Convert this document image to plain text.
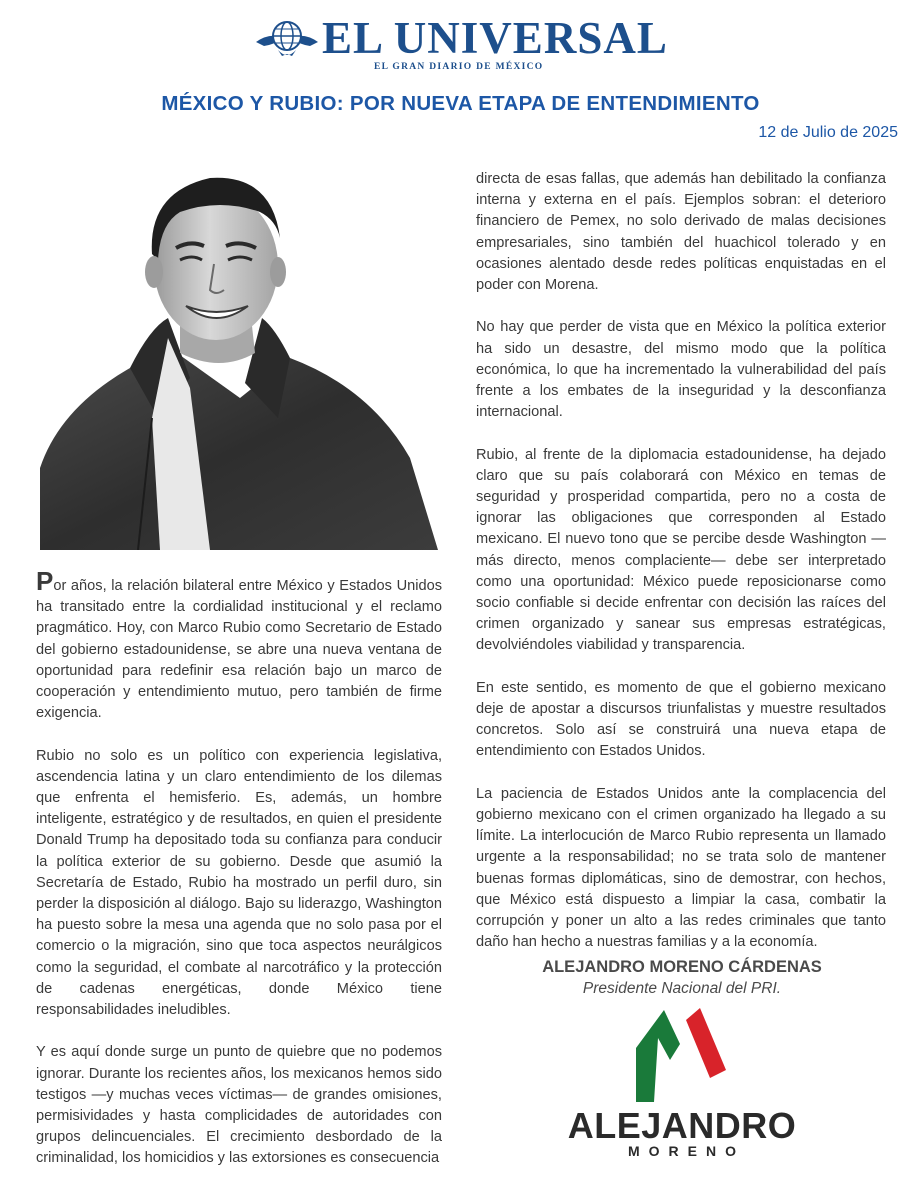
EL UNIVERSAL
EL GRAN DIARIO DE MÉXICO
MÉXICO Y RUBIO: POR NUEVA ETAPA DE ENTENDIMIENTO
12 de Julio de 2025

Por años, la relación bilateral entre México y Estados Unidos ha transitado entre la cordialidad institucional y el reclamo pragmático. Hoy, con Marco Rubio como Secretario de Estado del gobierno estadounidense, se abre una nueva ventana de oportunidad para redefinir esa relación bajo un marco de cooperación y entendimiento mutuo, pero también de firme exigencia.

Rubio no solo es un político con experiencia legislativa, ascendencia latina y un claro entendimiento de los dilemas que enfrenta el hemisferio. Es, además, un hombre inteligente, estratégico y de resultados, en quien el presidente Donald Trump ha depositado toda su confianza para conducir la política exterior de su gobierno. Desde que asumió la Secretaría de Estado, Rubio ha mostrado un perfil duro, sin perder la disposición al diálogo. Bajo su liderazgo, Washington ha puesto sobre la mesa una agenda que no solo pasa por el comercio o la migración, sino que toca aspectos neurálgicos como la seguridad, el combate al narcotráfico y la protección de cadenas energéticas, donde México tiene responsabilidades ineludibles.

Y es aquí donde surge un punto de quiebre que no podemos ignorar. Durante los recientes años, los mexicanos hemos sido testigos —y muchas veces víctimas— de grandes omisiones, permisividades y hasta complicidades de autoridades con grupos delincuenciales. El crecimiento desbordado de la criminalidad, los homicidios y las extorsiones es consecuencia

directa de esas fallas, que además han debilitado la confianza interna y externa en el país. Ejemplos sobran: el deterioro financiero de Pemex, no solo derivado de malas decisiones empresariales, sino también del huachicol tolerado y en ocasiones alentado desde redes políticas enquistadas en el poder con Morena.

No hay que perder de vista que en México la política exterior ha sido un desastre, del mismo modo que la política económica, lo que ha incrementado la vulnerabilidad del país frente a los embates de la inseguridad y la desconfianza internacional.

Rubio, al frente de la diplomacia estadounidense, ha dejado claro que su país colaborará con México en temas de seguridad y prosperidad compartida, pero no a costa de ignorar las obligaciones que corresponden al Estado mexicano. El nuevo tono que se percibe desde Washington —más directo, menos complaciente— debe ser interpretado como una oportunidad: México puede reposicionarse como socio confiable si decide enfrentar con decisión las raíces del crimen organizado y sanear sus empresas estratégicas, devolviéndoles viabilidad y transparencia.

En este sentido, es momento de que el gobierno mexicano deje de apostar a discursos triunfalistas y muestre resultados concretos. Solo así se construirá una nueva etapa de entendimiento con Estados Unidos.

La paciencia de Estados Unidos ante la complacencia del gobierno mexicano con el crimen organizado ha llegado a su límite. La interlocución de Marco Rubio representa un llamado urgente a la responsabilidad; no se trata solo de mantener buenas formas diplomáticas, sino de demostrar, con hechos, que México está dispuesto a limpiar la casa, combatir la corrupción y poner un alto a las redes criminales que tanto daño han hecho a nuestras familias y a la economía.

ALEJANDRO MORENO CÁRDENAS
Presidente Nacional del PRI.
ALEJANDRO
MORENO
